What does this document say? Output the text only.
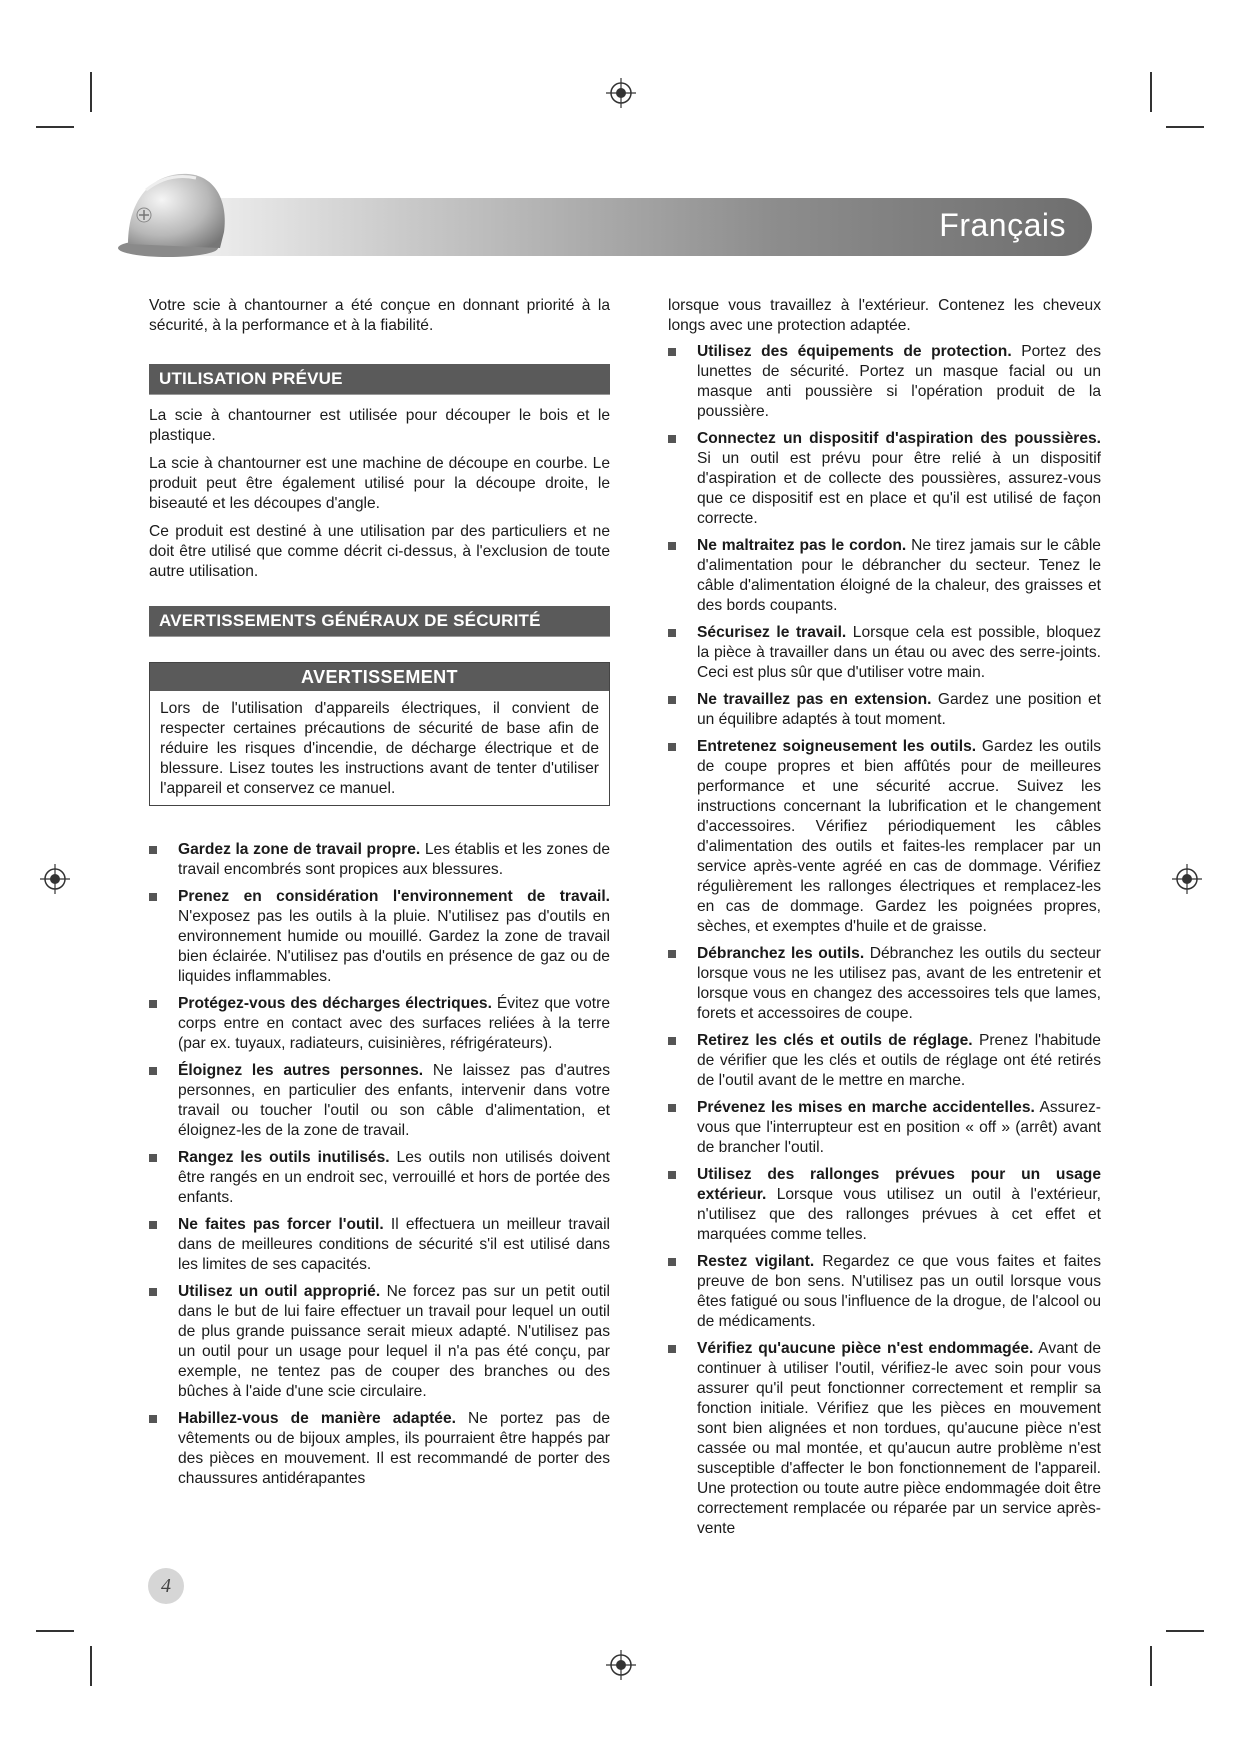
Français

Votre scie à chantourner a été conçue en donnant priorité à la sécurité, à la performance et à la fiabilité.

UTILISATION PRÉVUE

La scie à chantourner est utilisée pour découper le bois et le plastique.

La scie à chantourner est une machine de découpe en courbe. Le produit peut être également utilisé pour la découpe droite, le biseauté et les découpes d'angle.

Ce produit est destiné à une utilisation par des particuliers et ne doit être utilisé que comme décrit ci-dessus, à l'exclusion de toute autre utilisation.

AVERTISSEMENTS GÉNÉRAUX DE SÉCURITÉ
AVERTISSEMENT
Lors de l'utilisation d'appareils électriques, il convient de respecter certaines précautions de sécurité de base afin de réduire les risques d'incendie, de décharge électrique et de blessure. Lisez toutes les instructions avant de tenter d'utiliser l'appareil et conservez ce manuel.
Gardez la zone de travail propre. Les établis et les zones de travail encombrés sont propices aux blessures.
Prenez en considération l'environnement de travail. N'exposez pas les outils à la pluie. N'utilisez pas d'outils en environnement humide ou mouillé. Gardez la zone de travail bien éclairée. N'utilisez pas d'outils en présence de gaz ou de liquides inflammables.
Protégez-vous des décharges électriques. Évitez que votre corps entre en contact avec des surfaces reliées à la terre (par ex. tuyaux, radiateurs, cuisinières, réfrigérateurs).
Éloignez les autres personnes. Ne laissez pas d'autres personnes, en particulier des enfants, intervenir dans votre travail ou toucher l'outil ou son câble d'alimentation, et éloignez-les de la zone de travail.
Rangez les outils inutilisés. Les outils non utilisés doivent être rangés en un endroit sec, verrouillé et hors de portée des enfants.
Ne faites pas forcer l'outil. Il effectuera un meilleur travail dans de meilleures conditions de sécurité s'il est utilisé dans les limites de ses capacités.
Utilisez un outil approprié. Ne forcez pas sur un petit outil dans le but de lui faire effectuer un travail pour lequel un outil de plus grande puissance serait mieux adapté. N'utilisez pas un outil pour un usage pour lequel il n'a pas été conçu, par exemple, ne tentez pas de couper des branches ou des bûches à l'aide d'une scie circulaire.
Habillez-vous de manière adaptée. Ne portez pas de vêtements ou de bijoux amples, ils pourraient être happés par des pièces en mouvement. Il est recommandé de porter des chaussures antidérapantes

lorsque vous travaillez à l'extérieur. Contenez les cheveux longs avec une protection adaptée.

Utilisez des équipements de protection. Portez des lunettes de sécurité. Portez un masque facial ou un masque anti poussière si l'opération produit de la poussière.
Connectez un dispositif d'aspiration des poussières. Si un outil est prévu pour être relié à un dispositif d'aspiration et de collecte des poussières, assurez-vous que ce dispositif est en place et qu'il est utilisé de façon correcte.
Ne maltraitez pas le cordon. Ne tirez jamais sur le câble d'alimentation pour le débrancher du secteur. Tenez le câble d'alimentation éloigné de la chaleur, des graisses et des bords coupants.
Sécurisez le travail. Lorsque cela est possible, bloquez la pièce à travailler dans un étau ou avec des serre-joints. Ceci est plus sûr que d'utiliser votre main.
Ne travaillez pas en extension. Gardez une position et un équilibre adaptés à tout moment.
Entretenez soigneusement les outils. Gardez les outils de coupe propres et bien affûtés pour de meilleures performance et une sécurité accrue. Suivez les instructions concernant la lubrification et le changement d'accessoires. Vérifiez périodiquement les câbles d'alimentation des outils et faites-les remplacer par un service après-vente agréé en cas de dommage. Vérifiez régulièrement les rallonges électriques et remplacez-les en cas de dommage. Gardez les poignées propres, sèches, et exemptes d'huile et de graisse.
Débranchez les outils. Débranchez les outils du secteur lorsque vous ne les utilisez pas, avant de les entretenir et lorsque vous en changez des accessoires tels que lames, forets et accessoires de coupe.
Retirez les clés et outils de réglage. Prenez l'habitude de vérifier que les clés et outils de réglage ont été retirés de l'outil avant de le mettre en marche.
Prévenez les mises en marche accidentelles. Assurez-vous que l'interrupteur est en position « off » (arrêt) avant de brancher l'outil.
Utilisez des rallonges prévues pour un usage extérieur. Lorsque vous utilisez un outil à l'extérieur, n'utilisez que des rallonges prévues à cet effet et marquées comme telles.
Restez vigilant. Regardez ce que vous faites et faites preuve de bon sens. N'utilisez pas un outil lorsque vous êtes fatigué ou sous l'influence de la drogue, de l'alcool ou de médicaments.
Vérifiez qu'aucune pièce n'est endommagée. Avant de continuer à utiliser l'outil, vérifiez-le avec soin pour vous assurer qu'il peut fonctionner correctement et remplir sa fonction initiale. Vérifiez que les pièces en mouvement sont bien alignées et non tordues, qu'aucune pièce n'est cassée ou mal montée, et qu'aucun autre problème n'est susceptible d'affecter le bon fonctionnement de l'appareil. Une protection ou toute autre pièce endommagée doit être correctement remplacée ou réparée par un service après-vente
4
